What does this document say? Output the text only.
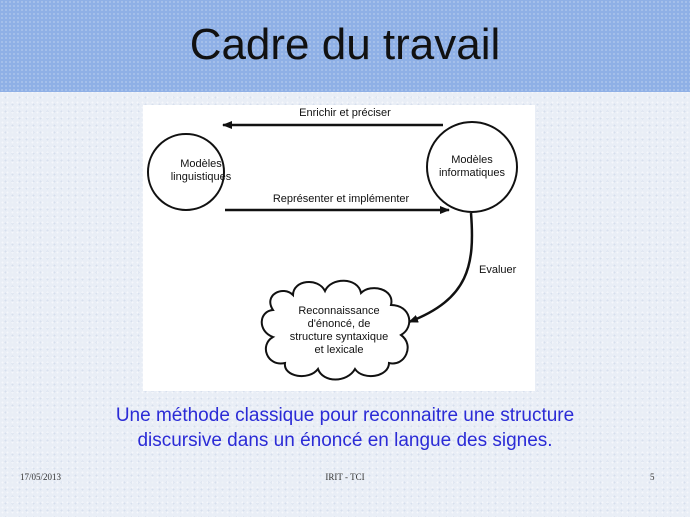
Cadre du travail
Enrichir et préciser
Représenter et implémenter
Evaluer
Modèles
linguistiques
Modèles
informatiques
Reconnaissance
d'énoncé, de
structure syntaxique
et lexicale
Une méthode classique pour reconnaitre une structure
discursive dans un énoncé en langue des signes.
17/05/2013	IRIT - TCI	5
